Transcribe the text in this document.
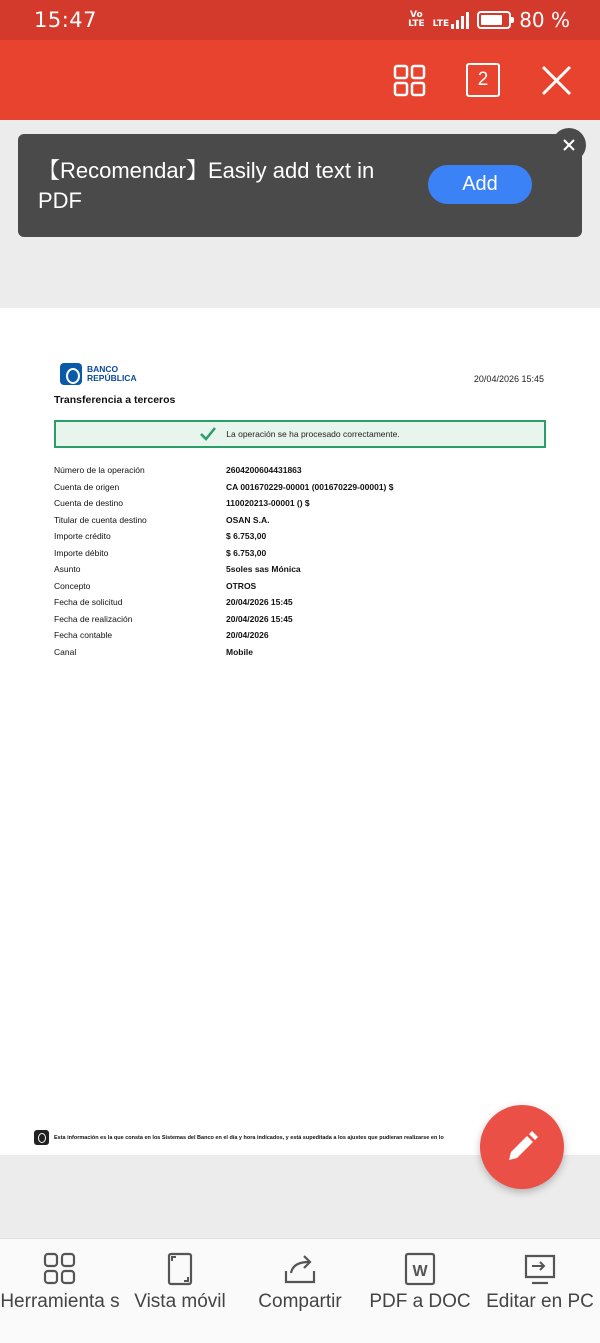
15:47	Vo
LTE LTE	80 %
2
【Recomendar】Easily add text in PDF
Add
BANCO
REPÚBLICA	20/04/2026 15:45
Transferencia a terceros
La operación se ha procesado correctamente.
Número de la operación	2604200604431863
Cuenta de origen	CA 001670229-00001 (001670229-00001) $
Cuenta de destino	110020213-00001 () $
Titular de cuenta destino	OSAN S.A.
Importe crédito	$ 6.753,00
Importe débito	$ 6.753,00
Asunto	5soles sas Mónica
Concepto	OTROS
Fecha de solicitud	20/04/2026 15:45
Fecha de realización	20/04/2026 15:45
Fecha contable	20/04/2026
Canal	Mobile
Esta información es la que consta en los Sistemas del Banco en el día y hora indicados, y está supeditada a los ajustes que pudieran realizarse en lo
Herramienta s Vista móvil	Compartir
W
PDF a DOC Editar en PC
